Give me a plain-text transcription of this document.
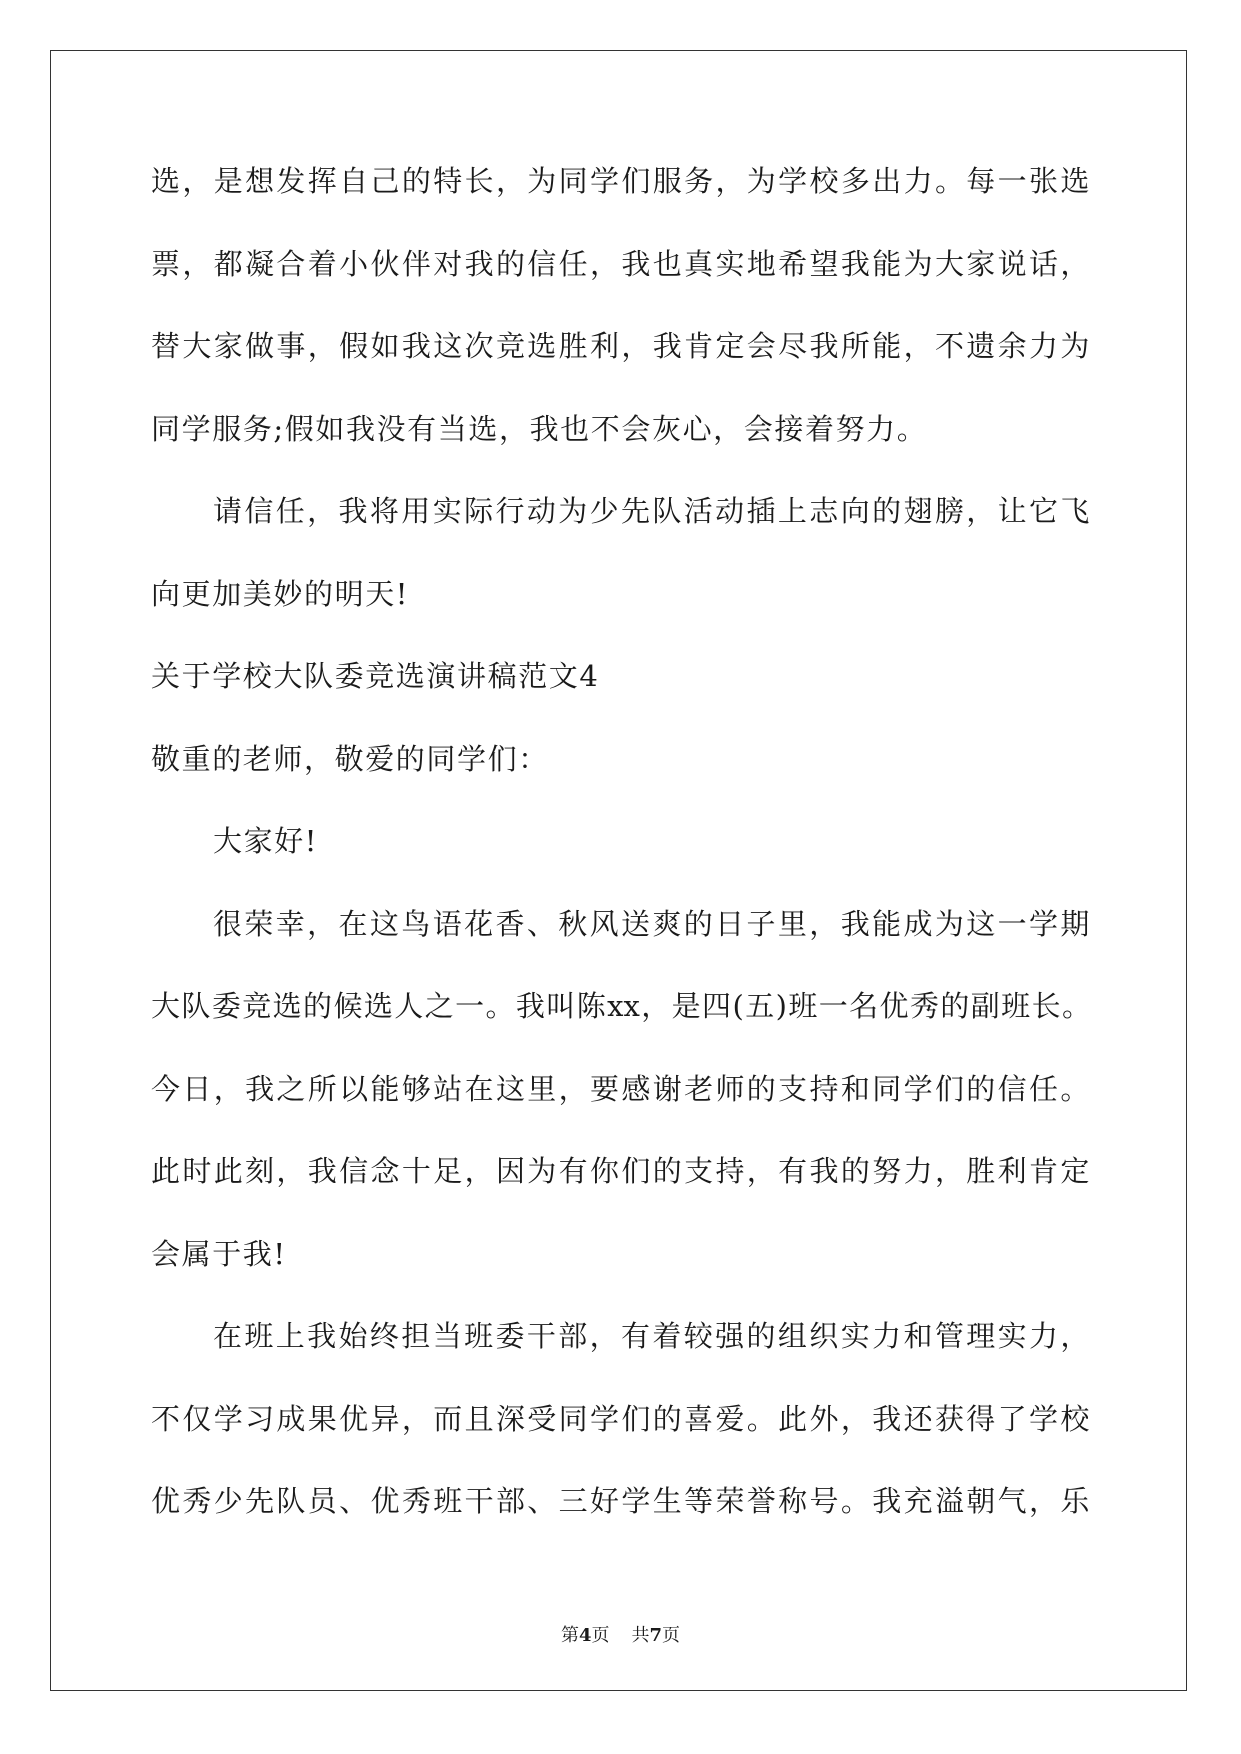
选，是想发挥自己的特长，为同学们服务，为学校多出力。每一张选
票，都凝合着小伙伴对我的信任，我也真实地希望我能为大家说话，
替大家做事，假如我这次竞选胜利，我肯定会尽我所能，不遗余力为
同学服务;假如我没有当选，我也不会灰心，会接着努力。
请信任，我将用实际行动为少先队活动插上志向的翅膀，让它飞
向更加美妙的明天!
关于学校大队委竞选演讲稿范文4
敬重的老师，敬爱的同学们：
大家好!
很荣幸，在这鸟语花香、秋风送爽的日子里，我能成为这一学期
大队委竞选的候选人之一。我叫陈xx，是四(五)班一名优秀的副班长。
今日，我之所以能够站在这里，要感谢老师的支持和同学们的信任。
此时此刻，我信念十足，因为有你们的支持，有我的努力，胜利肯定
会属于我!
在班上我始终担当班委干部，有着较强的组织实力和管理实力，
不仅学习成果优异，而且深受同学们的喜爱。此外，我还获得了学校
优秀少先队员、优秀班干部、三好学生等荣誉称号。我充溢朝气，乐
第4页 共7页
